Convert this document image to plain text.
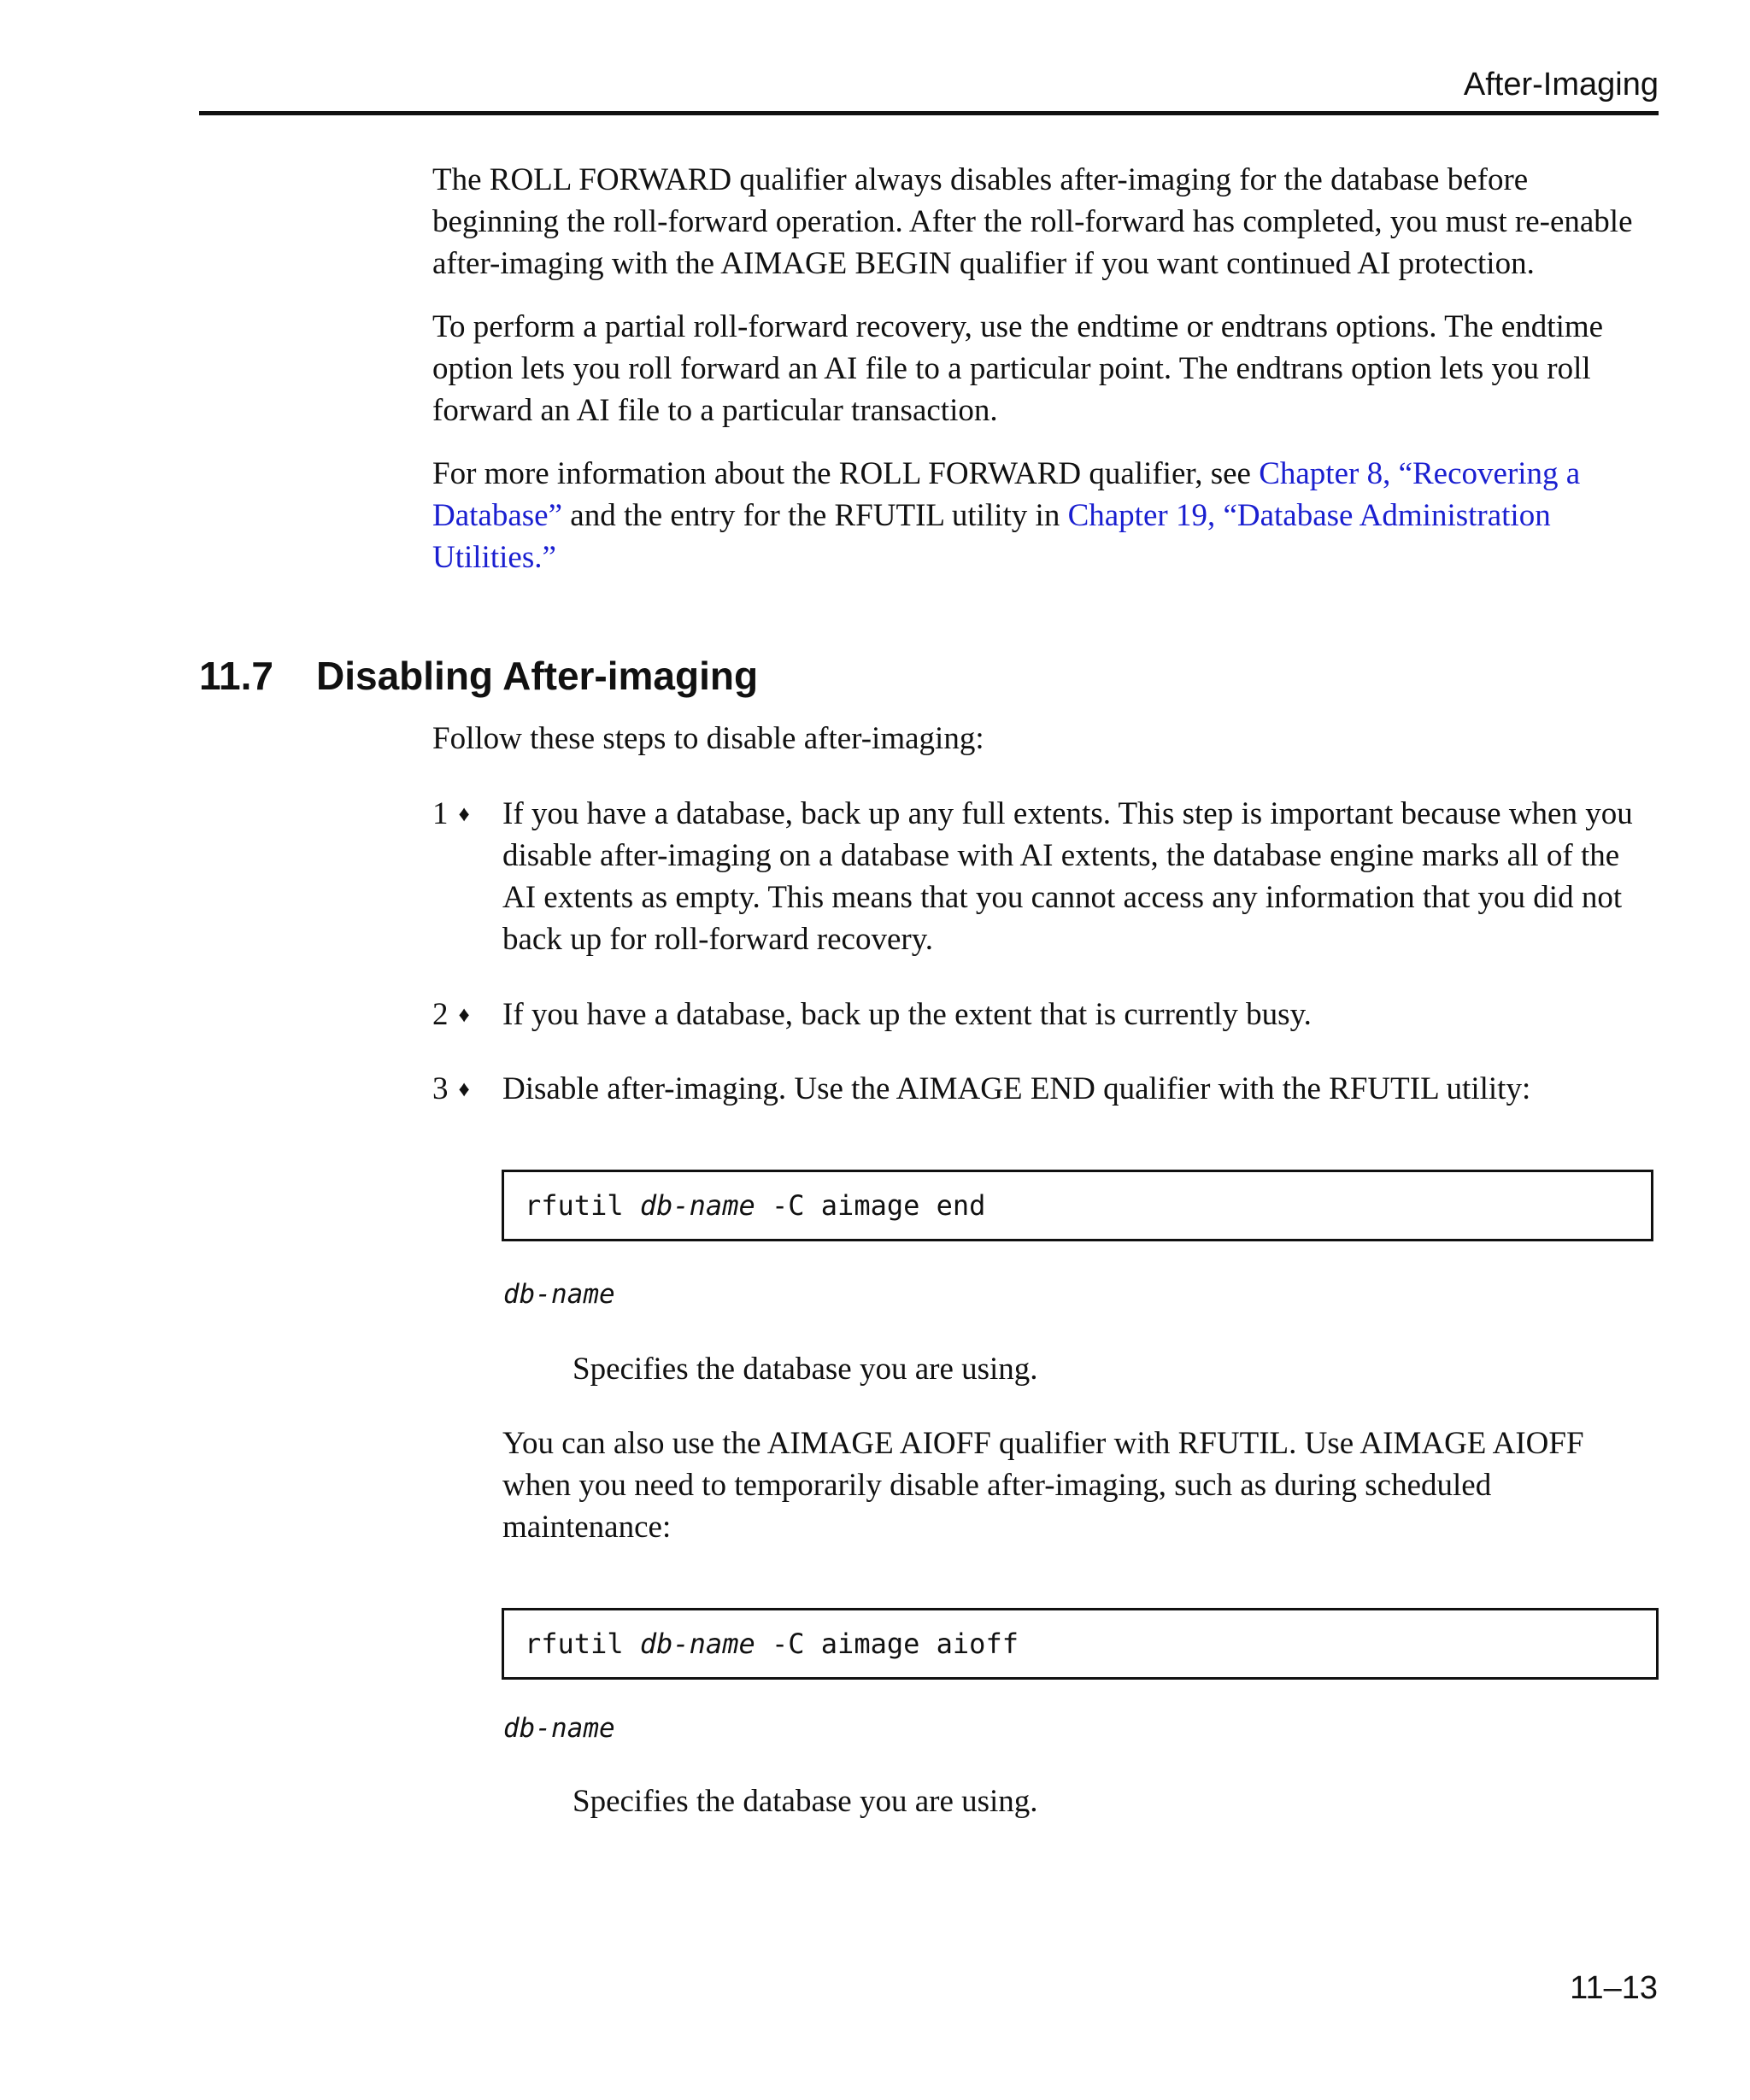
After-Imaging

The ROLL FORWARD qualifier always disables after-imaging for the database before beginning the roll-forward operation. After the roll-forward has completed, you must re-enable after-imaging with the AIMAGE BEGIN qualifier if you want continued AI protection.

To perform a partial roll-forward recovery, use the endtime or endtrans options. The endtime option lets you roll forward an AI file to a particular point. The endtrans option lets you roll forward an AI file to a particular transaction.

For more information about the ROLL FORWARD qualifier, see Chapter 8, “Recovering a Database” and the entry for the RFUTIL utility in Chapter 19, “Database Administration Utilities.”

11.7 Disabling After-imaging

Follow these steps to disable after-imaging:

1 ♦	If you have a database, back up any full extents. This step is important because when you disable after-imaging on a database with AI extents, the database engine marks all of the AI extents as empty. This means that you cannot access any information that you did not back up for roll-forward recovery.
2 ♦	If you have a database, back up the extent that is currently busy.
3 ♦	Disable after-imaging. Use the AIMAGE END qualifier with the RFUTIL utility:
rfutil db-name -C aimage end
db-name
Specifies the database you are using.

You can also use the AIMAGE AIOFF qualifier with RFUTIL. Use AIMAGE AIOFF when you need to temporarily disable after-imaging, such as during scheduled maintenance:

rfutil db-name -C aimage aioff
db-name
Specifies the database you are using.
11–13
